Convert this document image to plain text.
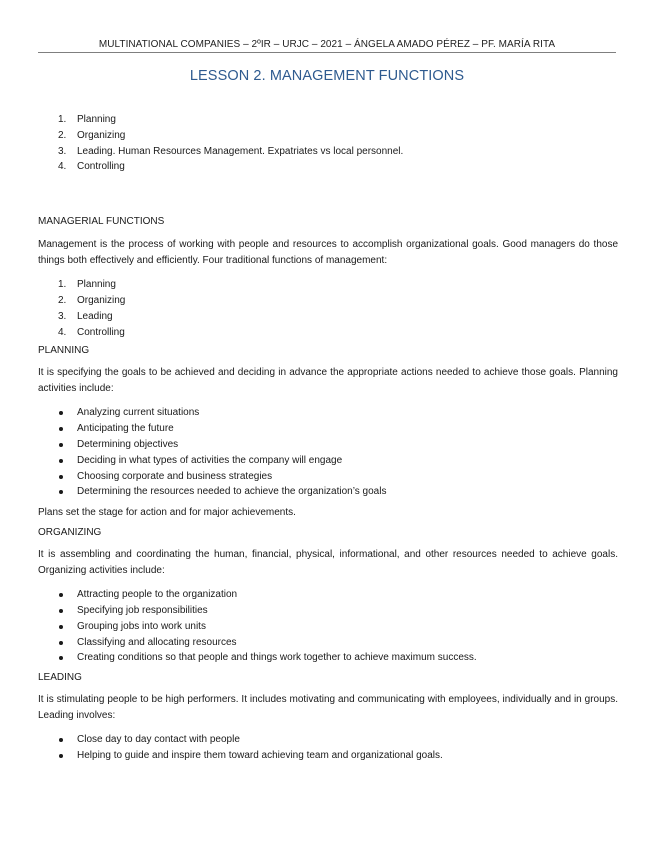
MULTINATIONAL COMPANIES – 2ºIR – URJC – 2021 – ÁNGELA AMADO PÉREZ – PF. MARÍA RITA
LESSON 2. MANAGEMENT FUNCTIONS
1. Planning
2. Organizing
3. Leading. Human Resources Management. Expatriates vs local personnel.
4. Controlling

MANAGERIAL FUNCTIONS

Management is the process of working with people and resources to accomplish organizational goals. Good managers do those things both effectively and efficiently. Four traditional functions of management:

1. Planning
2. Organizing
3. Leading
4. Controlling

PLANNING

It is specifying the goals to be achieved and deciding in advance the appropriate actions needed to achieve those goals. Planning activities include:

Analyzing current situations
Anticipating the future
Determining objectives
Deciding in what types of activities the company will engage
Choosing corporate and business strategies
Determining the resources needed to achieve the organization’s goals

Plans set the stage for action and for major achievements.

ORGANIZING

It is assembling and coordinating the human, financial, physical, informational, and other resources needed to achieve goals. Organizing activities include:

Attracting people to the organization
Specifying job responsibilities
Grouping jobs into work units
Classifying and allocating resources
Creating conditions so that people and things work together to achieve maximum success.

LEADING

It is stimulating people to be high performers. It includes motivating and communicating with employees, individually and in groups. Leading involves:

Close day to day contact with people
Helping to guide and inspire them toward achieving team and organizational goals.
